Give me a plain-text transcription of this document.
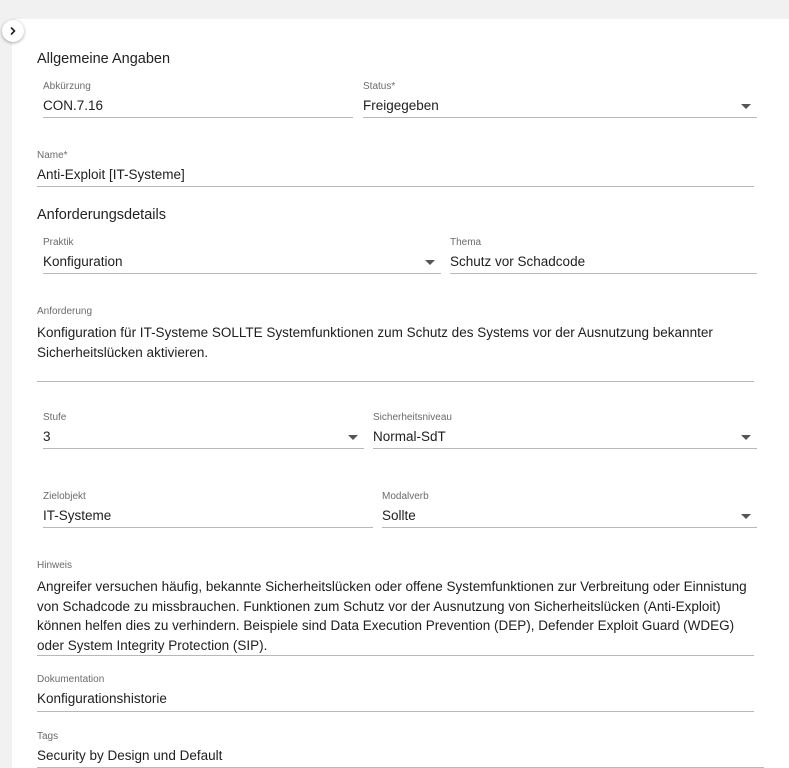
Allgemeine Angaben
Abkürzung
CON.7.16
Status*
Freigegeben
Name*
Anti-Exploit [IT-Systeme]
Anforderungsdetails
Praktik
Konfiguration
Thema
Schutz vor Schadcode
Anforderung
Konfiguration für IT-Systeme SOLLTE Systemfunktionen zum Schutz des Systems vor der Ausnutzung bekannter Sicherheitslücken aktivieren.
Stufe
3
Sicherheitsniveau
Normal-SdT
Zielobjekt
IT-Systeme
Modalverb
Sollte
Hinweis
Angreifer versuchen häufig, bekannte Sicherheitslücken oder offene Systemfunktionen zur Verbreitung oder Einnistung von Schadcode zu missbrauchen. Funktionen zum Schutz vor der Ausnutzung von Sicherheitslücken (Anti-Exploit) können helfen dies zu verhindern. Beispiele sind Data Execution Prevention (DEP), Defender Exploit Guard (WDEG) oder System Integrity Protection (SIP).
Dokumentation
Konfigurationshistorie
Tags
Security by Design und Default
